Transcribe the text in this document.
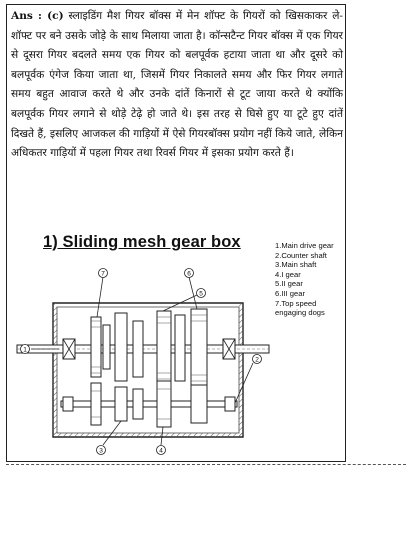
Ans : (c) स्लाइडिंग मैश गियर बॉक्स में मेन शॉफ्ट के गियरों को खिसकाकर ले-शॉफ्ट पर बने उसके जोड़े के साथ मिलाया जाता है। कॉन्सटैन्ट गियर बॉक्स में एक गियर से दूसरा गियर बदलते समय एक गियर को बलपूर्वक हटाया जाता था और दूसरे को बलपूर्वक एंगेज किया जाता था, जिसमें गियर निकालते समय और फिर गियर लगाते समय बहुत आवाज करते थे और उनके दांतें किनारों से टूट जाया करते थे क्योंकि बलपूर्वक गियर लगाने से थोड़े टेढ़े हो जाते थे। इस तरह से घिसे हुए या टूटे हुए दांतें दिखते हैं, इसलिए आजकल की गाड़ियों में ऐसे गियरबॉक्स प्रयोग नहीं किये जाते, लेकिन अधिकतर गाड़ियों में पहला गियर तथा रिवर्स गियर में इसका प्रयोग करते हैं।
1) Sliding mesh gear box	1.Main drive gear
2.Counter shaft
3.Main shaft
4.I gear
5.II gear
6.III gear
7.Top speed engaging dogs
7	6
5
1
2
4
3
